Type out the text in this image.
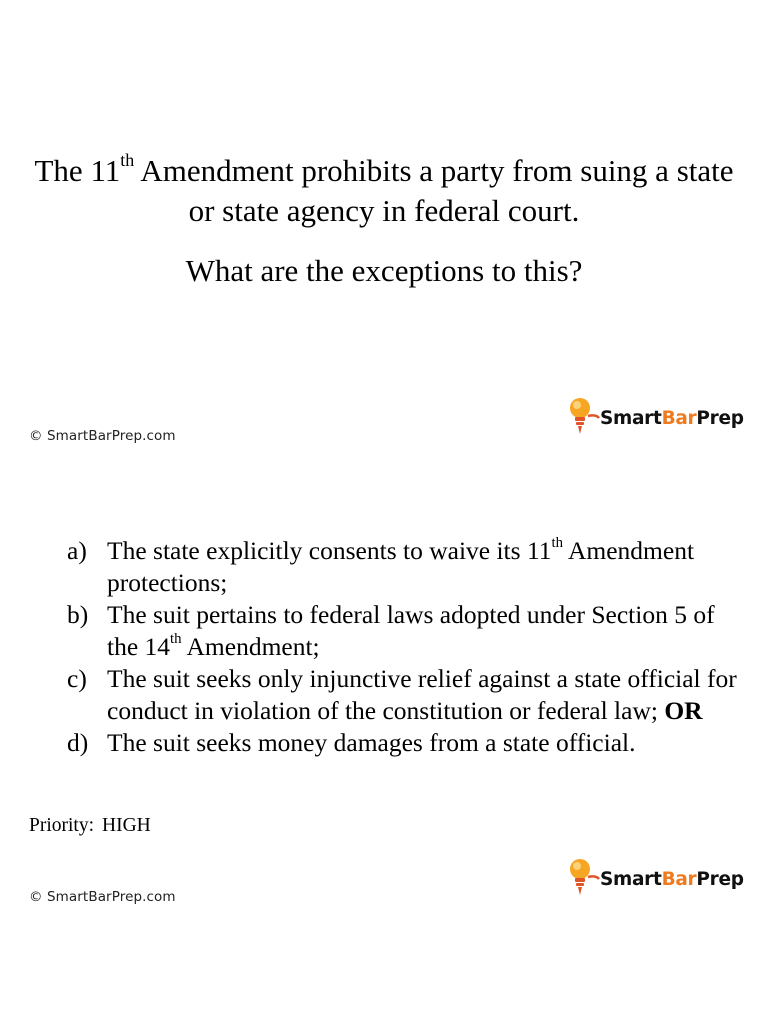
The 11th Amendment prohibits a party from suing a state or state agency in federal court.

What are the exceptions to this?

© SmartBarPrep.com
SmartBarPrep
a) The state explicitly consents to waive its 11th Amendment protections;
b) The suit pertains to federal laws adopted under Section 5 of the 14th Amendment;
c) The suit seeks only injunctive relief against a state official for conduct in violation of the constitution or federal law; OR
d) The suit seeks money damages from a state official.
Priority: HIGH
© SmartBarPrep.com
SmartBarPrep
